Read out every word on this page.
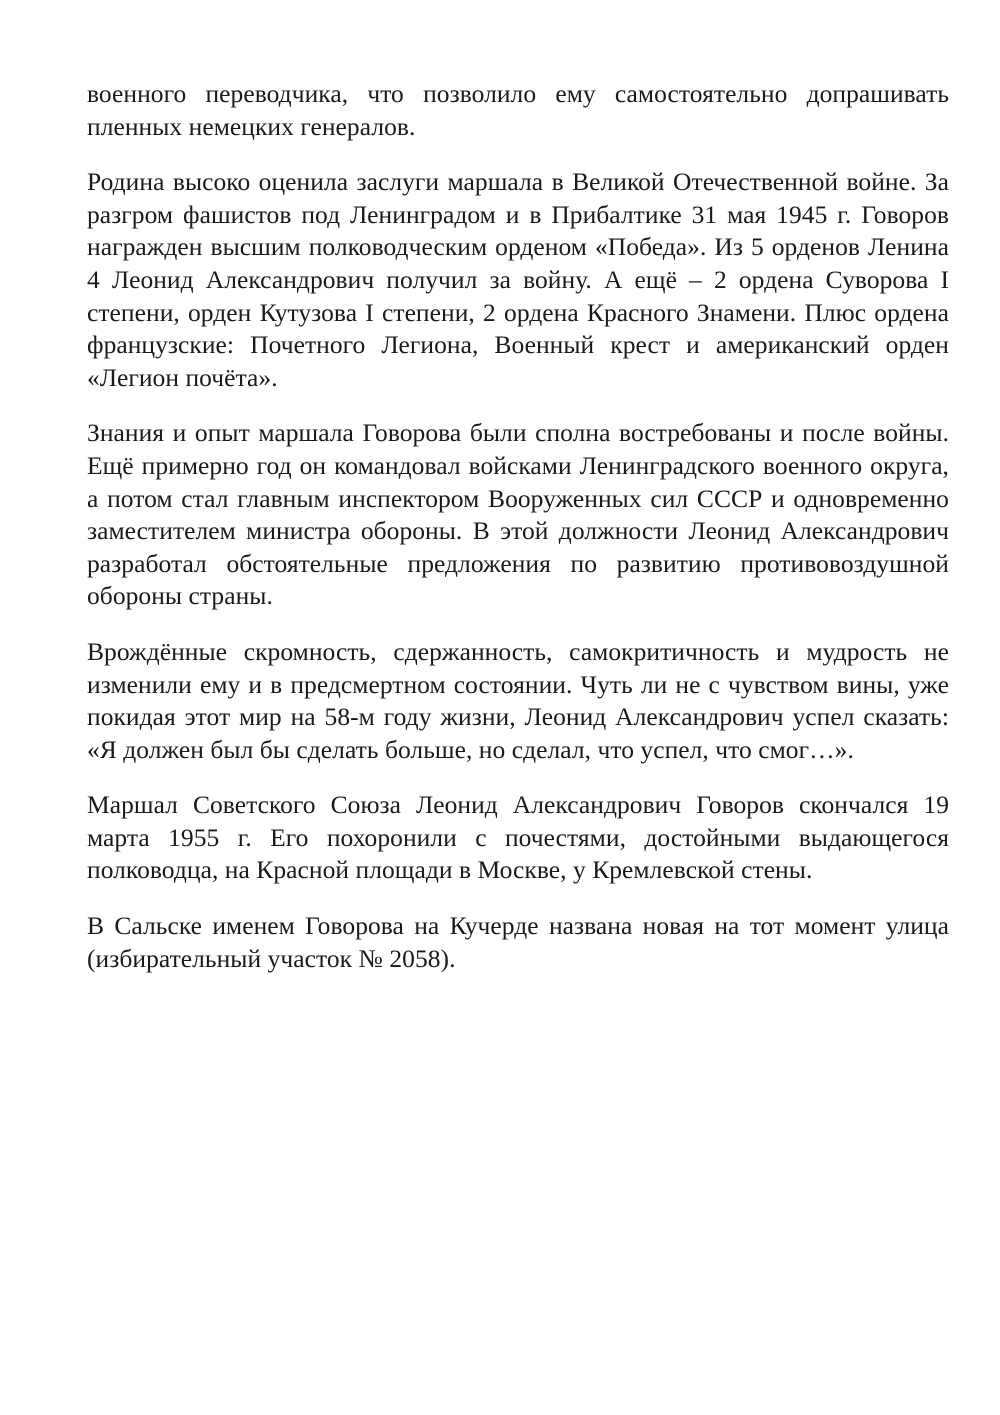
военного переводчика, что позволило ему самостоятельно допрашивать пленных немецких генералов.

Родина высоко оценила заслуги маршала в Великой Отечественной войне. За разгром фашистов под Ленинградом и в Прибалтике 31 мая 1945 г. Говоров награжден высшим полководческим орденом «Победа». Из 5 орденов Ленина 4 Леонид Александрович получил за войну. А ещё – 2 ордена Суворова I степени, орден Кутузова I степени, 2 ордена Красного Знамени. Плюс ордена французские: Почетного Легиона, Военный крест и американский орден «Легион почёта».

Знания и опыт маршала Говорова были сполна востребованы и после войны. Ещё примерно год он командовал войсками Ленинградского военного округа, а потом стал главным инспектором Вооруженных сил СССР и одновременно заместителем министра обороны. В этой должности Леонид Александрович разработал обстоятельные предложения по развитию противовоздушной обороны страны.

Врождённые скромность, сдержанность, самокритичность и мудрость не изменили ему и в предсмертном состоянии. Чуть ли не с чувством вины, уже покидая этот мир на 58-м году жизни, Леонид Александрович успел сказать: «Я должен был бы сделать больше, но сделал, что успел, что смог…».

Маршал Советского Союза Леонид Александрович Говоров скончался 19 марта 1955 г. Его похоронили с почестями, достойными выдающегося полководца, на Красной площади в Москве, у Кремлевской стены.

В Сальске именем Говорова на Кучерде названа новая на тот момент улица (избирательный участок № 2058).
